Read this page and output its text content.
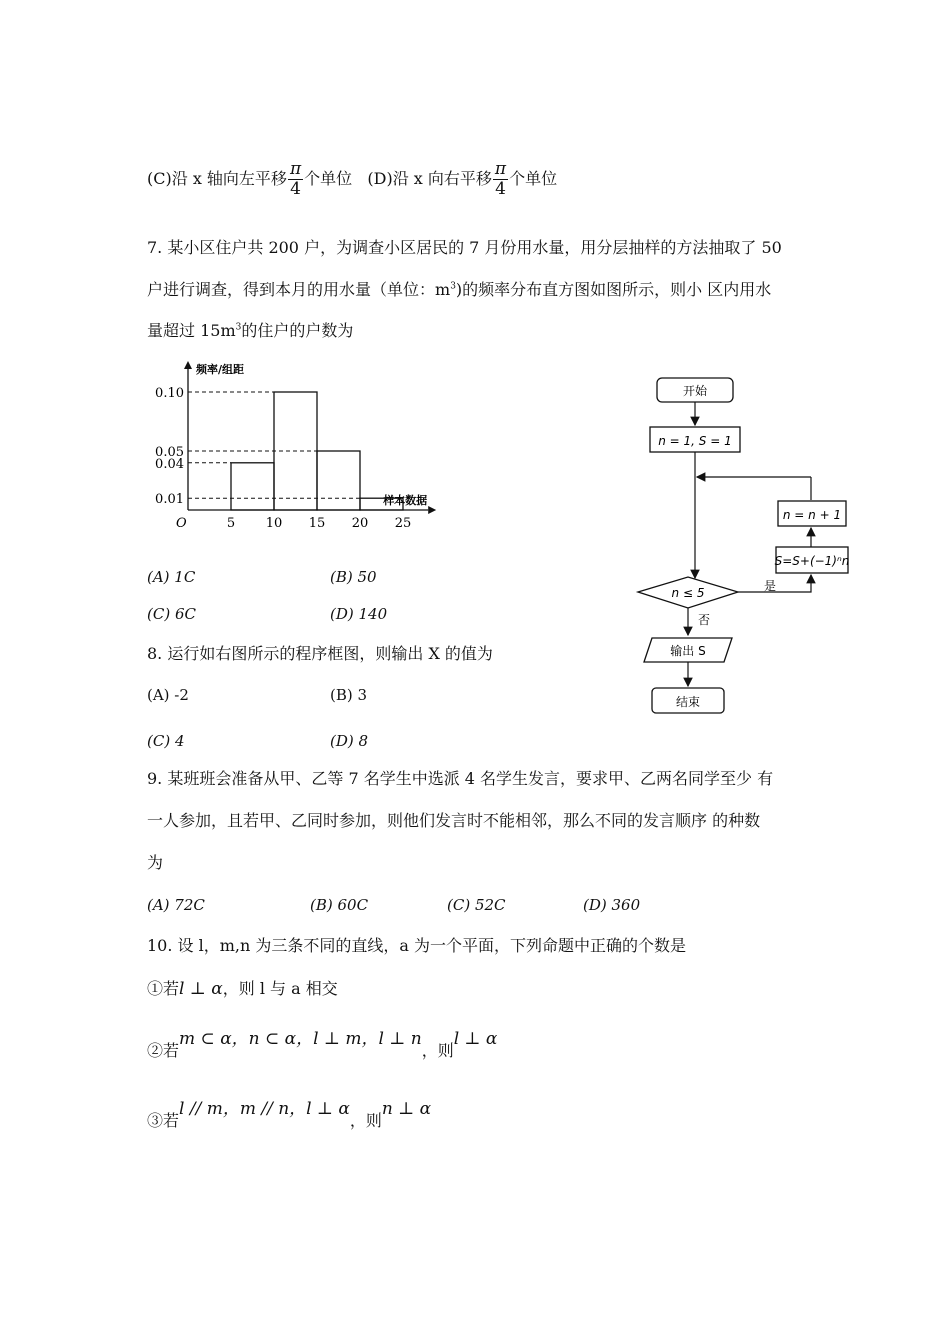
(C)沿 x 轴向左平移 $\frac{\pi}{4}$ 个单位 (D)沿 x 向右平移 $\frac{\pi}{4}$ 个单位
7. 某小区住户共 200 户，为调查小区居民的 7 月份用水量，用分层抽样的方法抽取了 50
户进行调查，得到本月的用水量（单位：$m^3$)的频率分布直方图如图所示，则小 区内用水
量超过 $15m^3$的住户的户数为
频率/组距
样本数据
O
0.10
0.05
0.04
0.01
5 10 15 20 25
(A) 1C	(B) 50
(C) 6C	(D) 140
开始
n = 1, S = 1
n = n + 1
S=S+(−1)ⁿn
n ≤ 5	是
否
输出 S
结束
8. 运行如右图所示的程序框图，则输出 X 的值为
(A) -2	(B) 3
(C) 4	(D) 8
9. 某班班会准备从甲、乙等 7 名学生中选派 4 名学生发言，要求甲、乙两名同学至少 有
一人参加，且若甲、乙同时参加，则他们发言时不能相邻，那么不同的发言顺序 的种数
为
(A) 72C	(B) 60C	(C) 52C	(D) 360
10. 设 l，m,n 为三条不同的直线，a 为一个平面，下列命题中正确的个数是
①若l ⊥ α，则 l 与 a 相交
②若m ⊂ α，n ⊂ α，l ⊥ m，l ⊥ n，则l ⊥ α
③若l // m，m // n，l ⊥ α，则n ⊥ α
